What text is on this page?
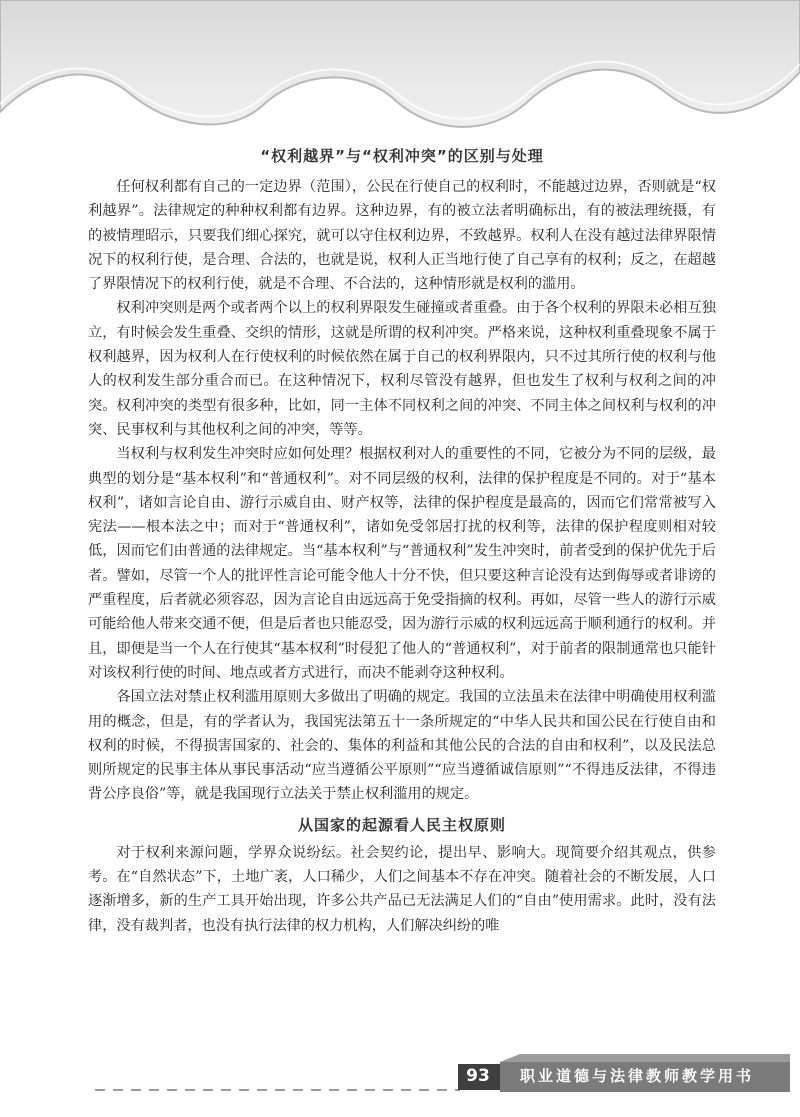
“权利越界”与“权利冲突”的区别与处理

任何权利都有自己的一定边界（范围），公民在行使自己的权利时，不能越过边界，否则就是“权利越界”。法律规定的种种权利都有边界。这种边界，有的被立法者明确标出，有的被法理统摄，有的被情理昭示，只要我们细心探究，就可以守住权利边界，不致越界。权利人在没有越过法律界限情况下的权利行使，是合理、合法的，也就是说，权利人正当地行使了自己享有的权利；反之，在超越了界限情况下的权利行使，就是不合理、不合法的，这种情形就是权利的滥用。

权利冲突则是两个或者两个以上的权利界限发生碰撞或者重叠。由于各个权利的界限未必相互独立，有时候会发生重叠、交织的情形，这就是所谓的权利冲突。严格来说，这种权利重叠现象不属于权利越界，因为权利人在行使权利的时候依然在属于自己的权利界限内，只不过其所行使的权利与他人的权利发生部分重合而已。在这种情况下，权利尽管没有越界，但也发生了权利与权利之间的冲突。权利冲突的类型有很多种，比如，同一主体不同权利之间的冲突、不同主体之间权利与权利的冲突、民事权利与其他权利之间的冲突，等等。

当权利与权利发生冲突时应如何处理？根据权利对人的重要性的不同，它被分为不同的层级，最典型的划分是“基本权利”和“普通权利”。对不同层级的权利，法律的保护程度是不同的。对于“基本权利”，诸如言论自由、游行示威自由、财产权等，法律的保护程度是最高的，因而它们常常被写入宪法——根本法之中；而对于“普通权利”，诸如免受邻居打扰的权利等，法律的保护程度则相对较低，因而它们由普通的法律规定。当“基本权利”与“普通权利”发生冲突时，前者受到的保护优先于后者。譬如，尽管一个人的批评性言论可能令他人十分不快，但只要这种言论没有达到侮辱或者诽谤的严重程度，后者就必须容忍，因为言论自由远远高于免受指摘的权利。再如，尽管一些人的游行示威可能给他人带来交通不便，但是后者也只能忍受，因为游行示威的权利远远高于顺利通行的权利。并且，即便是当一个人在行使其“基本权利”时侵犯了他人的“普通权利”，对于前者的限制通常也只能针对该权利行使的时间、地点或者方式进行，而决不能剥夺这种权利。

各国立法对禁止权利滥用原则大多做出了明确的规定。我国的立法虽未在法律中明确使用权利滥用的概念，但是，有的学者认为，我国宪法第五十一条所规定的“中华人民共和国公民在行使自由和权利的时候，不得损害国家的、社会的、集体的利益和其他公民的合法的自由和权利”，以及民法总则所规定的民事主体从事民事活动“应当遵循公平原则”“应当遵循诚信原则”“不得违反法律，不得违背公序良俗”等，就是我国现行立法关于禁止权利滥用的规定。

从国家的起源看人民主权原则

对于权利来源问题，学界众说纷纭。社会契约论，提出早、影响大。现简要介绍其观点，供参考。在“自然状态”下，土地广袤，人口稀少，人们之间基本不存在冲突。随着社会的不断发展，人口逐渐增多，新的生产工具开始出现，许多公共产品已无法满足人们的“自由”使用需求。此时，没有法律，没有裁判者，也没有执行法律的权力机构，人们解决纠纷的唯

93	职业道德与法律教师教学用书
